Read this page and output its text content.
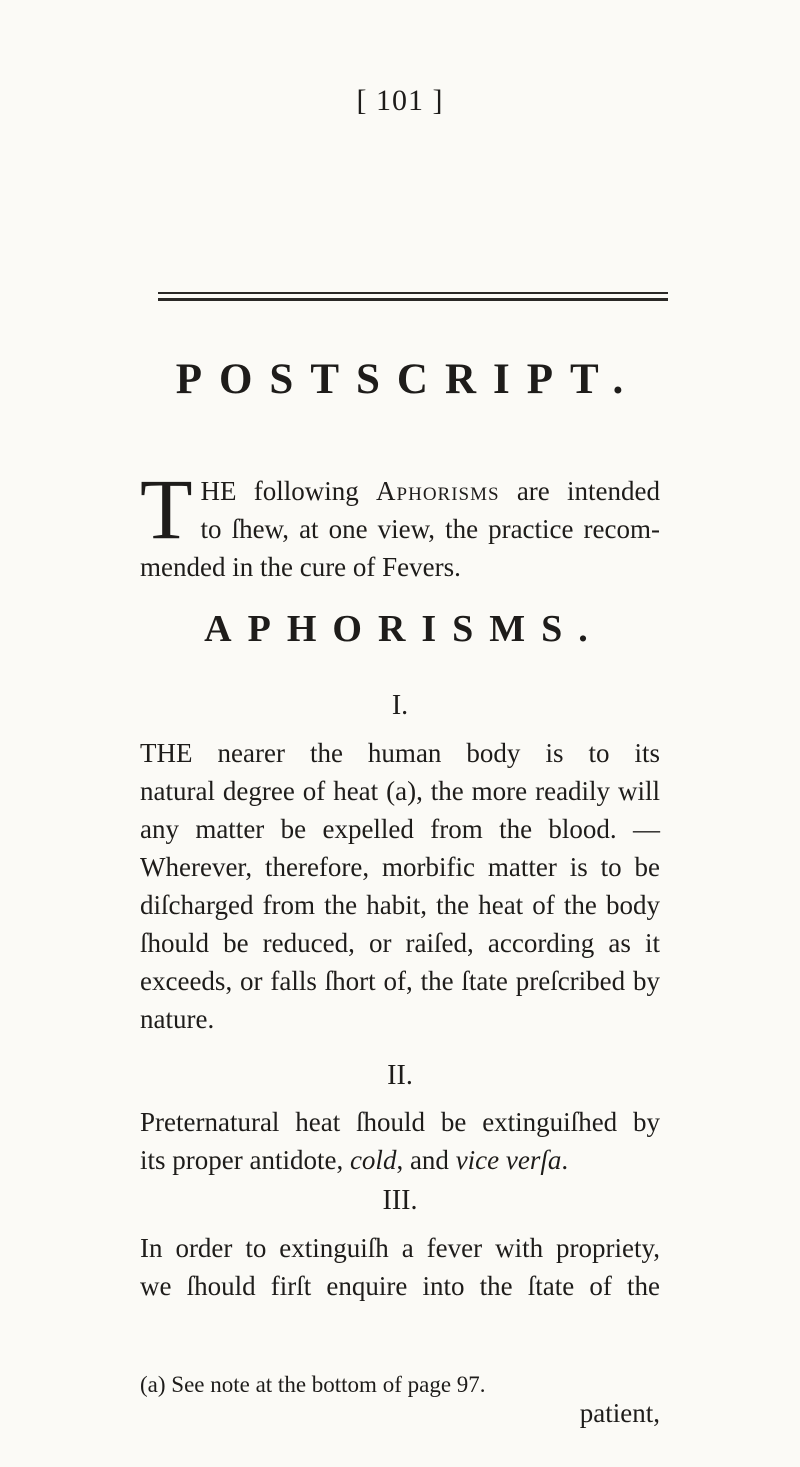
[ 101 ]
POSTSCRIPT.
T HE following Aphorisms are intended
to ſhew, at one view, the practice recom-
mended in the cure of Fevers.
APHORISMS.
I.
THE nearer the human body is to its
natural degree of heat (a), the more readily will
any matter be expelled from the blood. —
Wherever, therefore, morbific matter is to be
diſcharged from the habit, the heat of the body
ſhould be reduced, or raiſed, according as it
exceeds, or falls ſhort of, the ſtate preſcribed by
nature.
II.
Preternatural heat ſhould be extinguiſhed by
its proper antidote, cold, and vice verſa.
III.
In order to extinguiſh a fever with propriety,
we ſhould firſt enquire into the ſtate of the
(a) See note at the bottom of page 97.
patient,
